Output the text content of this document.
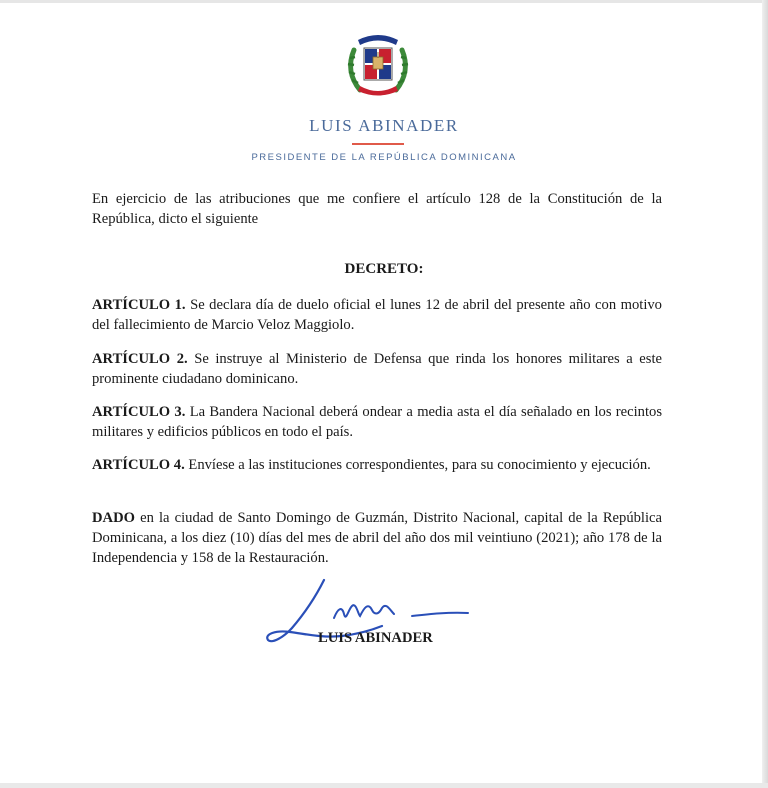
LUIS ABINADER
PRESIDENTE DE LA REPÚBLICA DOMINICANA

En ejercicio de las atribuciones que me confiere el artículo 128 de la Constitución de la República, dicto el siguiente

DECRETO:

ARTÍCULO 1. Se declara día de duelo oficial el lunes 12 de abril del presente año con motivo del fallecimiento de Marcio Veloz Maggiolo.

ARTÍCULO 2. Se instruye al Ministerio de Defensa que rinda los honores militares a este prominente ciudadano dominicano.

ARTÍCULO 3. La Bandera Nacional deberá ondear a media asta el día señalado en los recintos militares y edificios públicos en todo el país.

ARTÍCULO 4. Envíese a las instituciones correspondientes, para su conocimiento y ejecución.

DADO en la ciudad de Santo Domingo de Guzmán, Distrito Nacional, capital de la República Dominicana, a los diez (10) días del mes de abril del año dos mil veintiuno (2021); año 178 de la Independencia y 158 de la Restauración.

LUIS ABINADER
